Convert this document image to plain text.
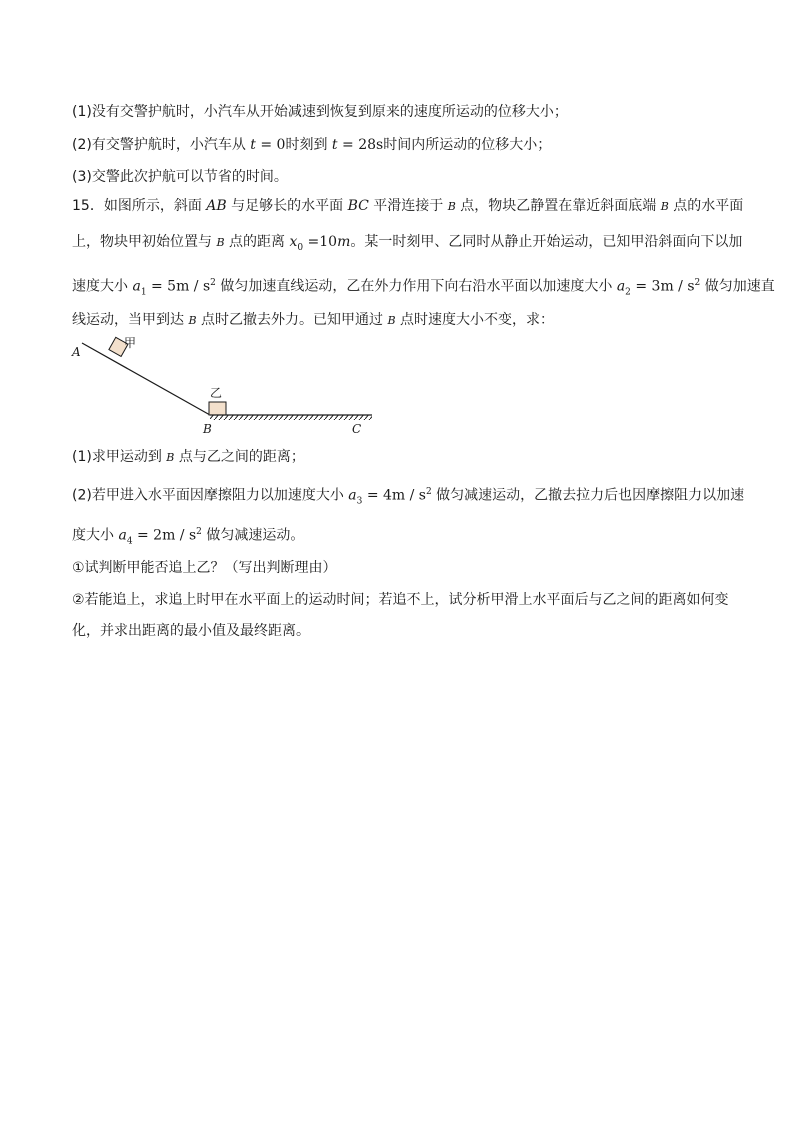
(1)没有交警护航时，小汽车从开始减速到恢复到原来的速度所运动的位移大小；
(2)有交警护航时，小汽车从 t = 0时刻到 t = 28s时间内所运动的位移大小；
(3)交警此次护航可以节省的时间。
15．如图所示，斜面 AB 与足够长的水平面 BC 平滑连接于 B 点，物块乙静置在靠近斜面底端 B 点的水平面
上，物块甲初始位置与 B 点的距离 $x_0 =10m$。某一时刻甲、乙同时从静止开始运动，已知甲沿斜面向下以加
速度大小 $a_1 = 5m / s^2$ 做匀加速直线运动，乙在外力作用下向右沿水平面以加速度大小 $a_2 = 3m / s^2$ 做匀加速直
线运动，当甲到达 B 点时乙撤去外力。已知甲通过 B 点时速度大小不变，求：
A
甲
乙
B	C
(1)求甲运动到 B 点与乙之间的距离；
(2)若甲进入水平面因摩擦阻力以加速度大小 $a_3 = 4m / s^2$ 做匀减速运动，乙撤去拉力后也因摩擦阻力以加速
度大小 $a_4 = 2m / s^2$ 做匀减速运动。
①试判断甲能否追上乙？（写出判断理由）
②若能追上，求追上时甲在水平面上的运动时间；若追不上，试分析甲滑上水平面后与乙之间的距离如何变
化，并求出距离的最小值及最终距离。
